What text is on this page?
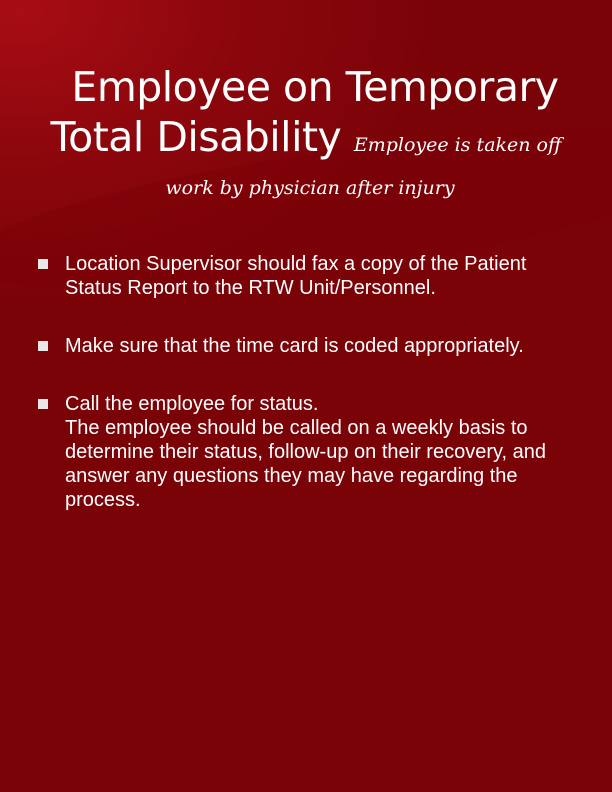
Employee on Temporary
Total Disability Employee is taken off
work by physician after injury
Location Supervisor should fax a copy of the Patient Status Report to the RTW Unit/Personnel.
Make sure that the time card is coded appropriately.
Call the employee for status.
The employee should be called on a weekly basis to determine their status, follow-up on their recovery, and answer any questions they may have regarding the process.
